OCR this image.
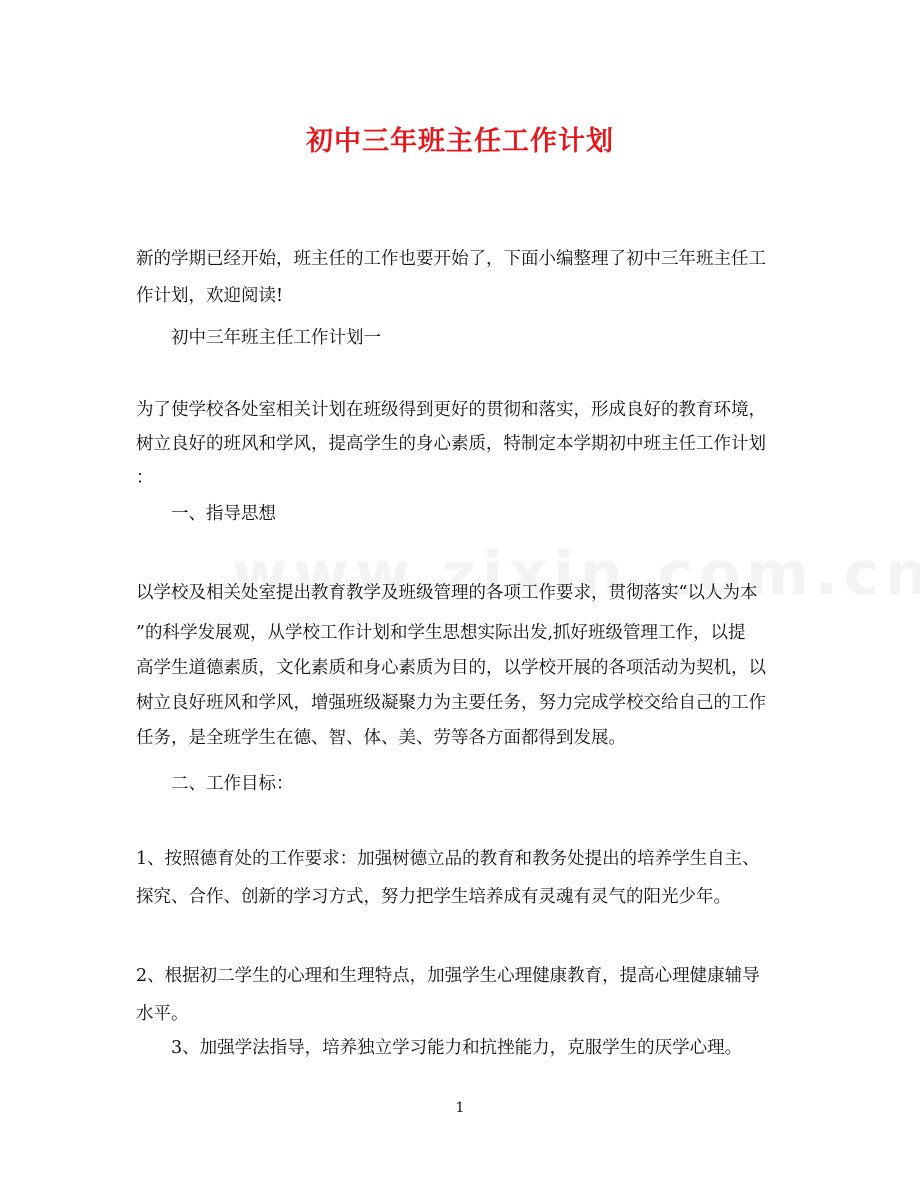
初中三年班主任工作计划
新的学期已经开始，班主任的工作也要开始了，下面小编整理了初中三年班主任工
作计划，欢迎阅读!
初中三年班主任工作计划一
为了使学校各处室相关计划在班级得到更好的贯彻和落实，形成良好的教育环境，
树立良好的班风和学风，提高学生的身心素质，特制定本学期初中班主任工作计划
：
一、指导思想
以学校及相关处室提出教育教学及班级管理的各项工作要求，贯彻落实“以人为本
”的科学发展观，从学校工作计划和学生思想实际出发,抓好班级管理工作，以提
高学生道德素质，文化素质和身心素质为目的，以学校开展的各项活动为契机，以
树立良好班风和学风，增强班级凝聚力为主要任务，努力完成学校交给自己的工作
任务，是全班学生在德、智、体、美、劳等各方面都得到发展。
二、工作目标：
1、按照德育处的工作要求：加强树德立品的教育和教务处提出的培养学生自主、
探究、合作、创新的学习方式，努力把学生培养成有灵魂有灵气的阳光少年。
2、根据初二学生的心理和生理特点，加强学生心理健康教育，提高心理健康辅导
水平。
3、加强学法指导，培养独立学习能力和抗挫能力，克服学生的厌学心理。
1
